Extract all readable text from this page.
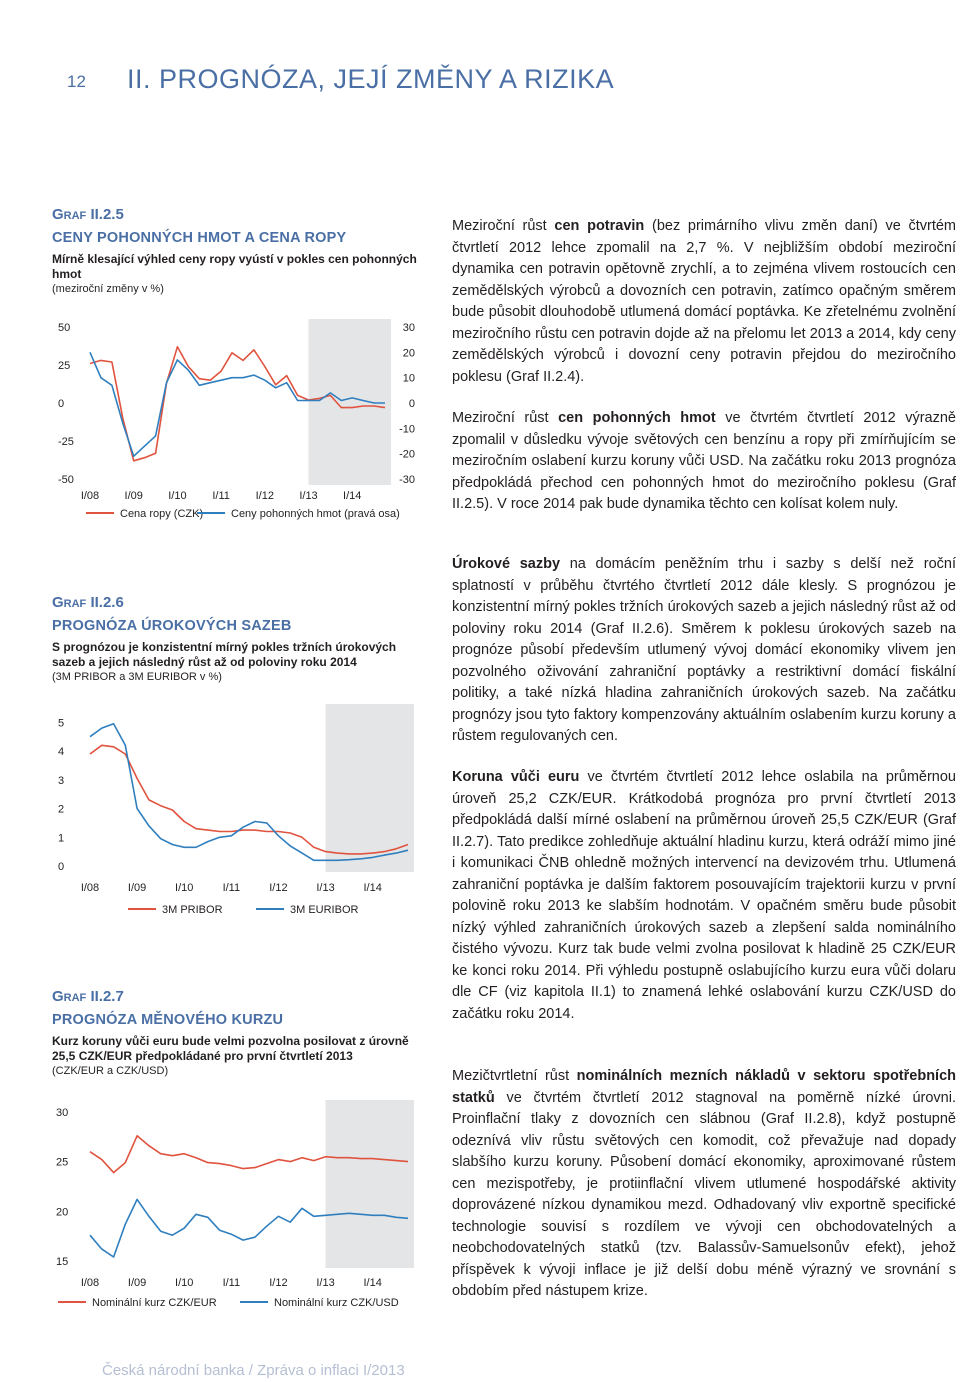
12 II. PROGNÓZA, JEJÍ ZMĚNY A RIZIKA
Graf II.2.5
CENY POHONNÝCH HMOT A CENA ROPY
Mírně klesající výhled ceny ropy vyústí v pokles cen pohonných hmot
(meziroční změny v %)
50
25
0
-25
-50
30
20
10
0
-10
-20
-30
I/08 I/09 I/10 I/11 I/12 I/13 I/14
Cena ropy (CZK)	Ceny pohonných hmot (pravá osa)
Graf II.2.6
PROGNÓZA ÚROKOVÝCH SAZEB
S prognózou je konzistentní mírný pokles tržních úrokových sazeb a jejich následný růst až od poloviny roku 2014
(3M PRIBOR a 3M EURIBOR v %)
5
4
3
2
1
0
I/08	I/09	I/10	I/11	I/12	I/13	I/14
3M PRIBOR	3M EURIBOR
Graf II.2.7
PROGNÓZA MĚNOVÉHO KURZU
Kurz koruny vůči euru bude velmi pozvolna posilovat z úrovně 25,5 CZK/EUR předpokládané pro první čtvrtletí 2013
(CZK/EUR a CZK/USD)
30
25
20
15
I/08	I/09	I/10	I/11	I/12	I/13	I/14
Nominální kurz CZK/EUR	Nominální kurz CZK/USD

Meziroční růst cen potravin (bez primárního vlivu změn daní) ve čtvrtém čtvrtletí 2012 lehce zpomalil na 2,7 %. V nejbližším období meziroční dynamika cen potravin opětovně zrychlí, a to zejména vlivem rostoucích cen zemědělských výrobců a dovozních cen potravin, zatímco opačným směrem bude působit dlouhodobě utlumená domácí poptávka. Ke zřetelnému zvolnění meziročního růstu cen potravin dojde až na přelomu let 2013 a 2014, kdy ceny zemědělských výrobců i dovozní ceny potravin přejdou do meziročního poklesu (Graf II.2.4).

Meziroční růst cen pohonných hmot ve čtvrtém čtvrtletí 2012 výrazně zpomalil v důsledku vývoje světových cen benzínu a ropy při zmírňujícím se meziročním oslabení kurzu koruny vůči USD. Na začátku roku 2013 prognóza předpokládá přechod cen pohonných hmot do meziročního poklesu (Graf II.2.5). V roce 2014 pak bude dynamika těchto cen kolísat kolem nuly.

Úrokové sazby na domácím peněžním trhu i sazby s delší než roční splatností v průběhu čtvrtého čtvrtletí 2012 dále klesly. S prognózou je konzistentní mírný pokles tržních úrokových sazeb a jejich následný růst až od poloviny roku 2014 (Graf II.2.6). Směrem k poklesu úrokových sazeb na prognóze působí především utlumený vývoj domácí ekonomiky vlivem jen pozvolného oživování zahraniční poptávky a restriktivní domácí fiskální politiky, a také nízká hladina zahraničních úrokových sazeb. Na začátku prognózy jsou tyto faktory kompenzovány aktuálním oslabením kurzu koruny a růstem regulovaných cen.

Koruna vůči euru ve čtvrtém čtvrtletí 2012 lehce oslabila na průměrnou úroveň 25,2 CZK/EUR. Krátkodobá prognóza pro první čtvrtletí 2013 předpokládá další mírné oslabení na průměrnou úroveň 25,5 CZK/EUR (Graf II.2.7). Tato predikce zohledňuje aktuální hladinu kurzu, která odráží mimo jiné i komunikaci ČNB ohledně možných intervencí na devizovém trhu. Utlumená zahraniční poptávka je dalším faktorem posouvajícím trajektorii kurzu v první polovině roku 2013 ke slabším hodnotám. V opačném směru bude působit nízký výhled zahraničních úrokových sazeb a zlepšení salda nominálního čistého vývozu. Kurz tak bude velmi zvolna posilovat k hladině 25 CZK/EUR ke konci roku 2014. Při výhledu postupně oslabujícího kurzu eura vůči dolaru dle CF (viz kapitola II.1) to znamená lehké oslabování kurzu CZK/USD do začátku roku 2014.

Mezičtvrtletní růst nominálních mezních nákladů v sektoru spotřebních statků ve čtvrtém čtvrtletí 2012 stagnoval na poměrně nízké úrovni. Proinflační tlaky z dovozních cen slábnou (Graf II.2.8), když postupně odeznívá vliv růstu světových cen komodit, což převažuje nad dopady slabšího kurzu koruny. Působení domácí ekonomiky, aproximované růstem cen mezispotřeby, je protiinflační vlivem utlumené hospodářské aktivity doprovázené nízkou dynamikou mezd. Odhadovaný vliv exportně specifické technologie souvisí s rozdílem ve vývoji cen obchodovatelných a neobchodovatelných statků (tzv. Balassův-Samuelsonův efekt), jehož příspěvek k vývoji inflace je již delší dobu méně výrazný ve srovnání s obdobím před nástupem krize.

Česká národní banka / Zpráva o inflaci I/2013
